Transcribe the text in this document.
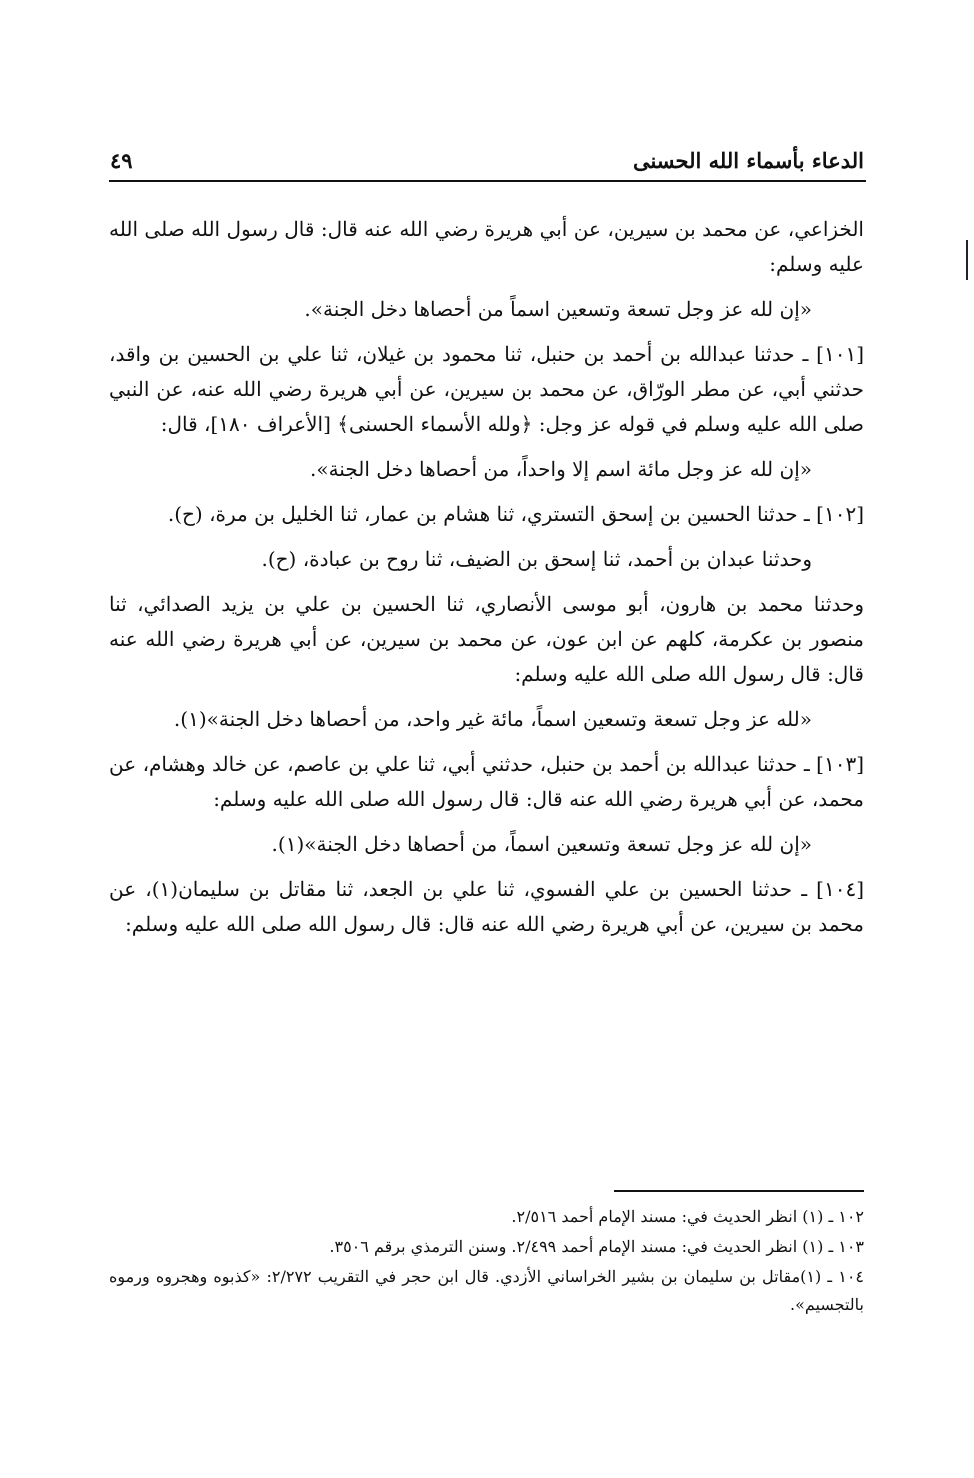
الدعاء بأسماء الله الحسنى
٤٩

الخزاعي، عن محمد بن سيرين، عن أبي هريرة رضي الله عنه قال: قال رسول الله صلى الله عليه وسلم:

«إن لله عز وجل تسعة وتسعين اسماً من أحصاها دخل الجنة».

[١٠١] ـ حدثنا عبدالله بن أحمد بن حنبل، ثنا محمود بن غيلان، ثنا علي بن الحسين بن واقد، حدثني أبي، عن مطر الورّاق، عن محمد بن سيرين، عن أبي هريرة رضي الله عنه، عن النبي صلى الله عليه وسلم في قوله عز وجل: ﴿ولله الأسماء الحسنى﴾ [الأعراف ١٨٠]، قال:

«إن لله عز وجل مائة اسم إلا واحداً، من أحصاها دخل الجنة».

[١٠٢] ـ حدثنا الحسين بن إسحق التستري، ثنا هشام بن عمار، ثنا الخليل بن مرة، (ح).

وحدثنا عبدان بن أحمد، ثنا إسحق بن الضيف، ثنا روح بن عبادة، (ح).

وحدثنا محمد بن هارون، أبو موسى الأنصاري، ثنا الحسين بن علي بن يزيد الصدائي، ثنا منصور بن عكرمة، كلهم عن ابن عون، عن محمد بن سيرين، عن أبي هريرة رضي الله عنه قال: قال رسول الله صلى الله عليه وسلم:

«لله عز وجل تسعة وتسعين اسماً، مائة غير واحد، من أحصاها دخل الجنة»(١).

[١٠٣] ـ حدثنا عبدالله بن أحمد بن حنبل، حدثني أبي، ثنا علي بن عاصم، عن خالد وهشام، عن محمد، عن أبي هريرة رضي الله عنه قال: قال رسول الله صلى الله عليه وسلم:

«إن لله عز وجل تسعة وتسعين اسماً، من أحصاها دخل الجنة»(١).

[١٠٤] ـ حدثنا الحسين بن علي الفسوي، ثنا علي بن الجعد، ثنا مقاتل بن سليمان(١)، عن محمد بن سيرين، عن أبي هريرة رضي الله عنه قال: قال رسول الله صلى الله عليه وسلم:

١٠٢ ـ (١) انظر الحديث في: مسند الإمام أحمد ٢/٥١٦.

١٠٣ ـ (١) انظر الحديث في: مسند الإمام أحمد ٢/٤٩٩. وسنن الترمذي برقم ٣٥٠٦.

١٠٤ ـ (١)مقاتل بن سليمان بن بشير الخراساني الأزدي. قال ابن حجر في التقريب ٢/٢٧٢: «كذبوه وهجروه ورموه بالتجسيم».
